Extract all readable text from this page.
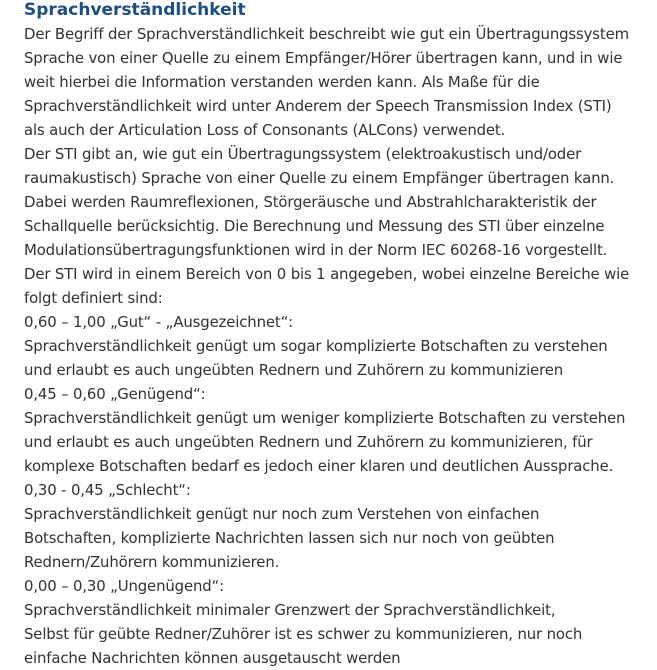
Sprachverständlichkeit
Der Begriff der Sprachverständlichkeit beschreibt wie gut ein Übertragungssystem
Sprache von einer Quelle zu einem Empfänger/Hörer übertragen kann, und in wie
weit hierbei die Information verstanden werden kann. Als Maße für die
Sprachverständlichkeit wird unter Anderem der Speech Transmission Index (STI)
als auch der Articulation Loss of Consonants (ALCons) verwendet.
Der STI gibt an, wie gut ein Übertragungssystem (elektroakustisch und/oder
raumakustisch) Sprache von einer Quelle zu einem Empfänger übertragen kann.
Dabei werden Raumreflexionen, Störgeräusche und Abstrahlcharakteristik der
Schallquelle berücksichtig. Die Berechnung und Messung des STI über einzelne
Modulationsübertragungsfunktionen wird in der Norm IEC 60268-16 vorgestellt.
Der STI wird in einem Bereich von 0 bis 1 angegeben, wobei einzelne Bereiche wie
folgt definiert sind:
0,60 – 1,00 „Gut“ - „Ausgezeichnet“:
Sprachverständlichkeit genügt um sogar komplizierte Botschaften zu verstehen
und erlaubt es auch ungeübten Rednern und Zuhörern zu kommunizieren
0,45 – 0,60 „Genügend“:
Sprachverständlichkeit genügt um weniger komplizierte Botschaften zu verstehen
und erlaubt es auch ungeübten Rednern und Zuhörern zu kommunizieren, für
komplexe Botschaften bedarf es jedoch einer klaren und deutlichen Aussprache.
0,30 - 0,45 „Schlecht“:
Sprachverständlichkeit genügt nur noch zum Verstehen von einfachen
Botschaften, komplizierte Nachrichten lassen sich nur noch von geübten
Rednern/Zuhörern kommunizieren.
0,00 – 0,30 „Ungenügend“:
Sprachverständlichkeit minimaler Grenzwert der Sprachverständlichkeit,
Selbst für geübte Redner/Zuhörer ist es schwer zu kommunizieren, nur noch
einfache Nachrichten können ausgetauscht werden
